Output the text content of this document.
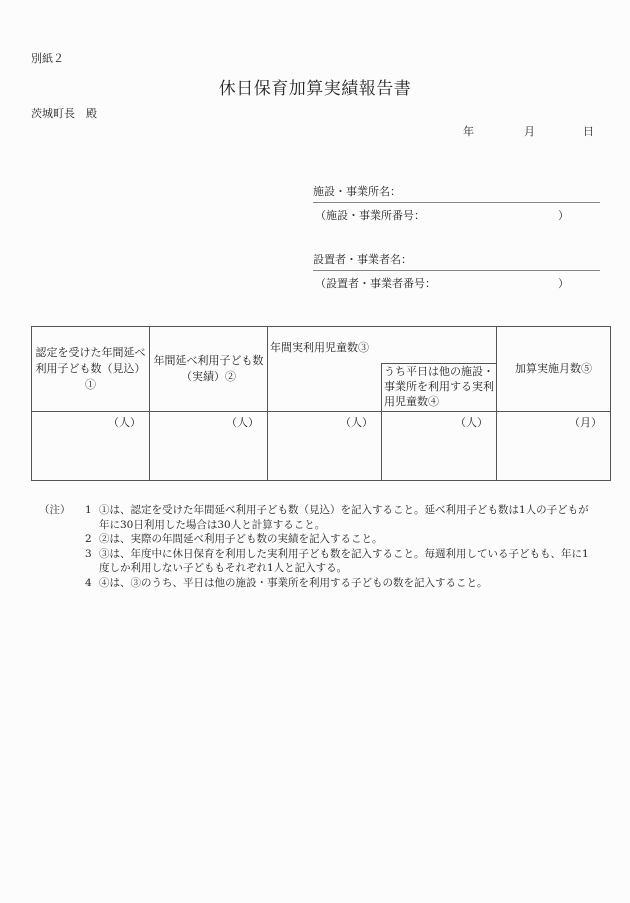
別紙２
休日保育加算実績報告書
茨城町長　殿
年	月	日
施設・事業所名：
（施設・事業所番号：	）
設置者・事業者名：
（設置者・事業者番号：	）
認定を受けた年間延べ利用子ども数（見込）①	年間延べ利用子ども数（実績）②	年間実利用児童数③		加算実施月数⑤
			うち平日は他の施設・事業所を利用する実利用児童数④	
（人）	（人）	（人）	（人）	（月）
（注）	1 ①は、認定を受けた年間延べ利用子ども数（見込）を記入すること。延べ利用子ども数は1人の子どもが年に30日利用した場合は30人と計算すること。
2 ②は、実際の年間延べ利用子ども数の実績を記入すること。
3 ③は、年度中に休日保育を利用した実利用子ども数を記入すること。毎週利用している子どもも、年に1度しか利用しない子どももそれぞれ1人と記入する。
4 ④は、③のうち、平日は他の施設・事業所を利用する子どもの数を記入すること。
